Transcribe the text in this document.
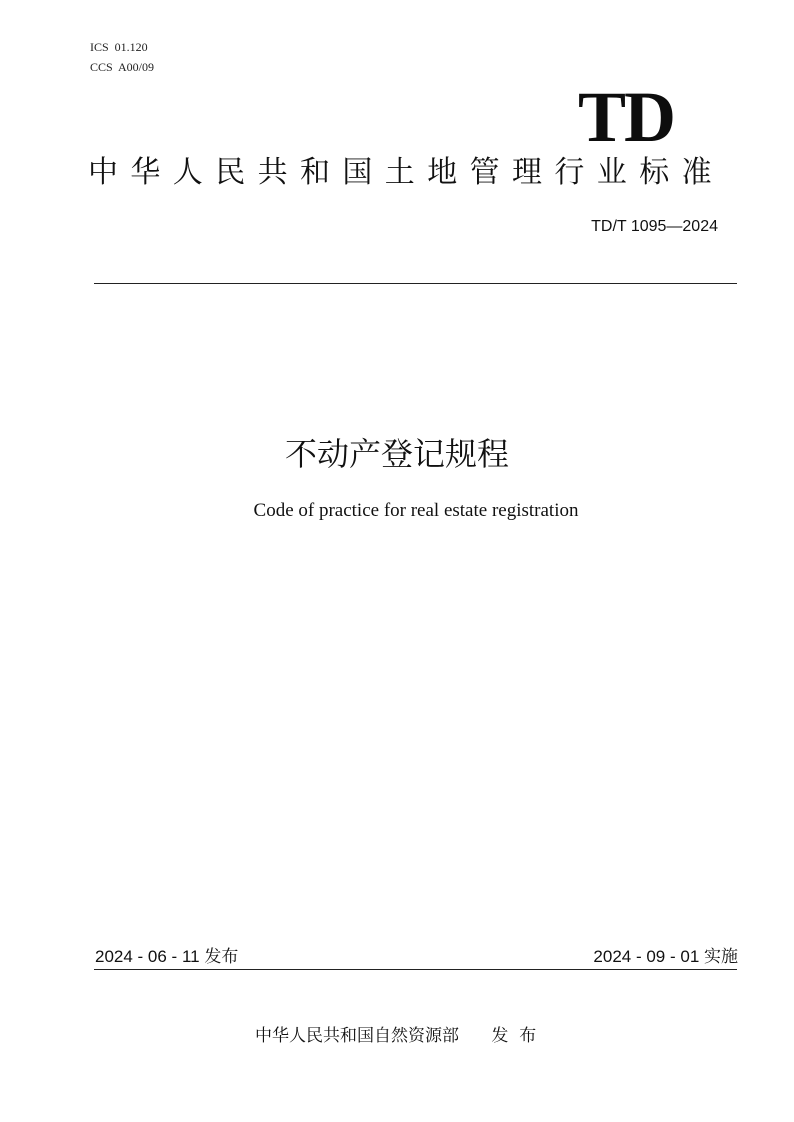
ICS  01.120
CCS  A00/09
TD
中华人民共和国土地管理行业标准
TD/T 1095—2024
不动产登记规程
Code of practice for real estate registration
2024 - 06 - 11 发布	2024 - 09 - 01 实施
中华人民共和国自然资源部      发  布
